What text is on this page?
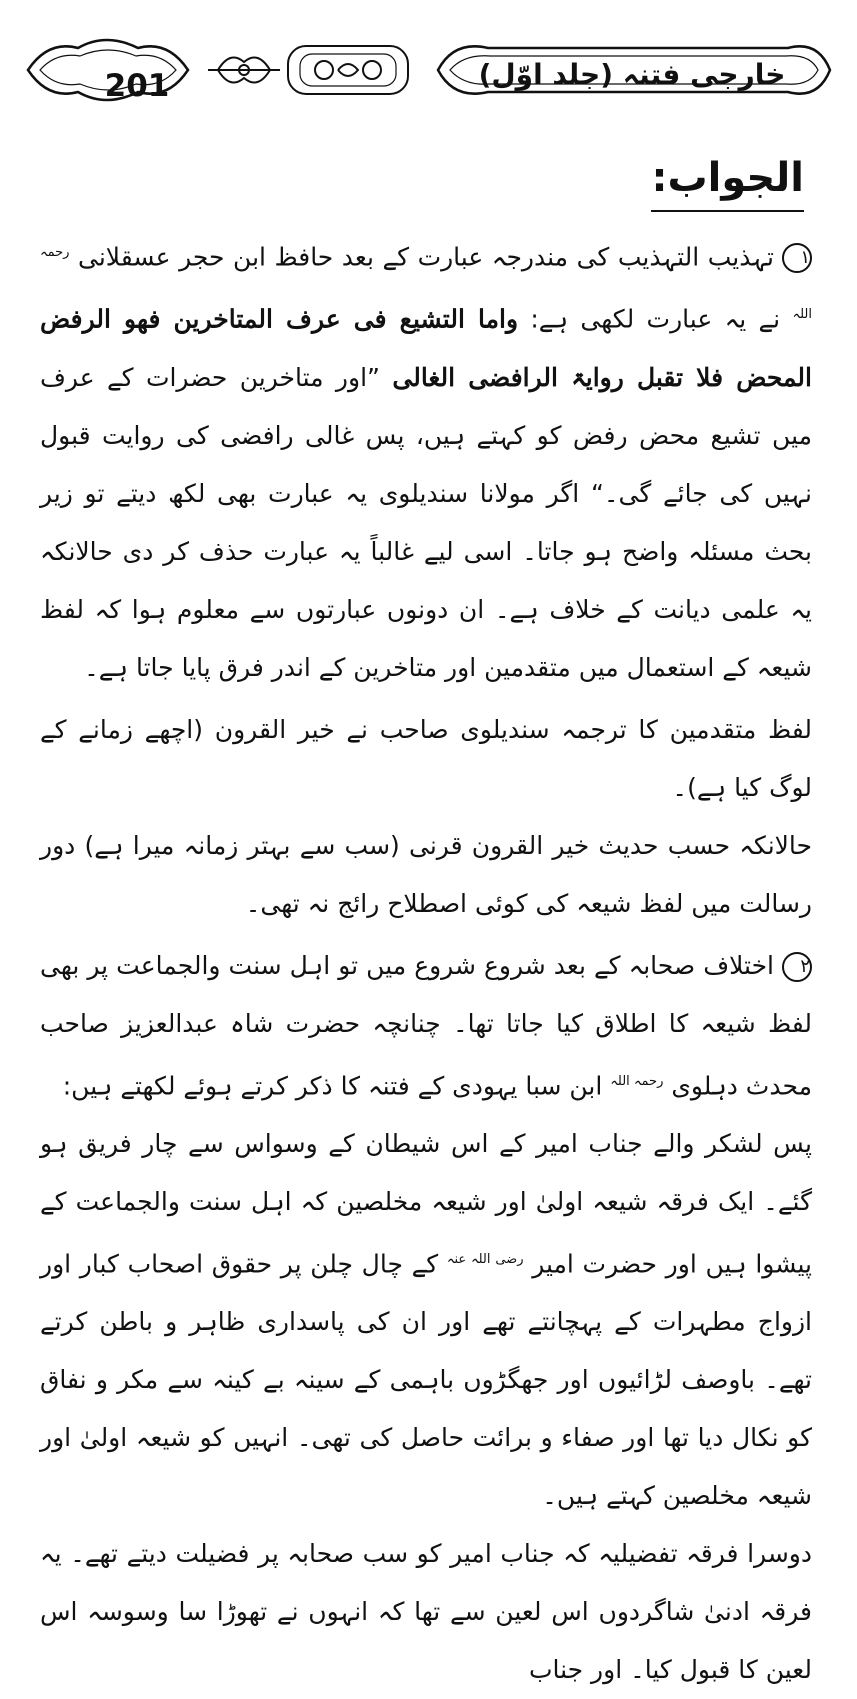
201	خارجی فتنہ (جلد اوّل)
الجواب:

١تہذیب التہذیب کی مندرجہ عبارت کے بعد حافظ ابن حجر عسقلانی $^{رحمہ اللہ}$ نے یہ عبارت لکھی ہے: واما التشیع فی عرف المتاخرین فھو الرفض المحض فلا تقبل روایۃ الرافضی الغالی ”اور متاخرین حضرات کے عرف میں تشیع محض رفض کو کہتے ہیں، پس غالی رافضی کی روایت قبول نہیں کی جائے گی۔“ اگر مولانا سندیلوی یہ عبارت بھی لکھ دیتے تو زیر بحث مسئلہ واضح ہو جاتا۔ اسی لیے غالباً یہ عبارت حذف کر دی حالانکہ یہ علمی دیانت کے خلاف ہے۔ ان دونوں عبارتوں سے معلوم ہوا کہ لفظ شیعہ کے استعمال میں متقدمین اور متاخرین کے اندر فرق پایا جاتا ہے۔

لفظ متقدمین کا ترجمہ سندیلوی صاحب نے خیر القرون (اچھے زمانے کے لوگ کیا ہے)۔

حالانکہ حسب حدیث خیر القرون قرنی (سب سے بہتر زمانہ میرا ہے) دور رسالت میں لفظ شیعہ کی کوئی اصطلاح رائج نہ تھی۔

٢اختلاف صحابہ کے بعد شروع شروع میں تو اہل سنت والجماعت پر بھی لفظ شیعہ کا اطلاق کیا جاتا تھا۔ چنانچہ حضرت شاہ عبدالعزیز صاحب محدث دہلوی $^{رحمہ اللہ}$ ابن سبا یہودی کے فتنہ کا ذکر کرتے ہوئے لکھتے ہیں:

پس لشکر والے جناب امیر کے اس شیطان کے وسواس سے چار فریق ہو گئے۔ ایک فرقہ شیعہ اولیٰ اور شیعہ مخلصین کہ اہل سنت والجماعت کے پیشوا ہیں اور حضرت امیر $^{رضی اللہ عنہ}$ کے چال چلن پر حقوق اصحاب کبار اور ازواج مطہرات کے پہچانتے تھے اور ان کی پاسداری ظاہر و باطن کرتے تھے۔ باوصف لڑائیوں اور جھگڑوں باہمی کے سینہ بے کینہ سے مکر و نفاق کو نکال دیا تھا اور صفاء و برائت حاصل کی تھی۔ انہیں کو شیعہ اولیٰ اور شیعہ مخلصین کہتے ہیں۔

دوسرا فرقہ تفضیلیہ کہ جناب امیر کو سب صحابہ پر فضیلت دیتے تھے۔ یہ فرقہ ادنیٰ شاگردوں اس لعین سے تھا کہ انہوں نے تھوڑا سا وسوسہ اس لعین کا قبول کیا۔ اور جناب
